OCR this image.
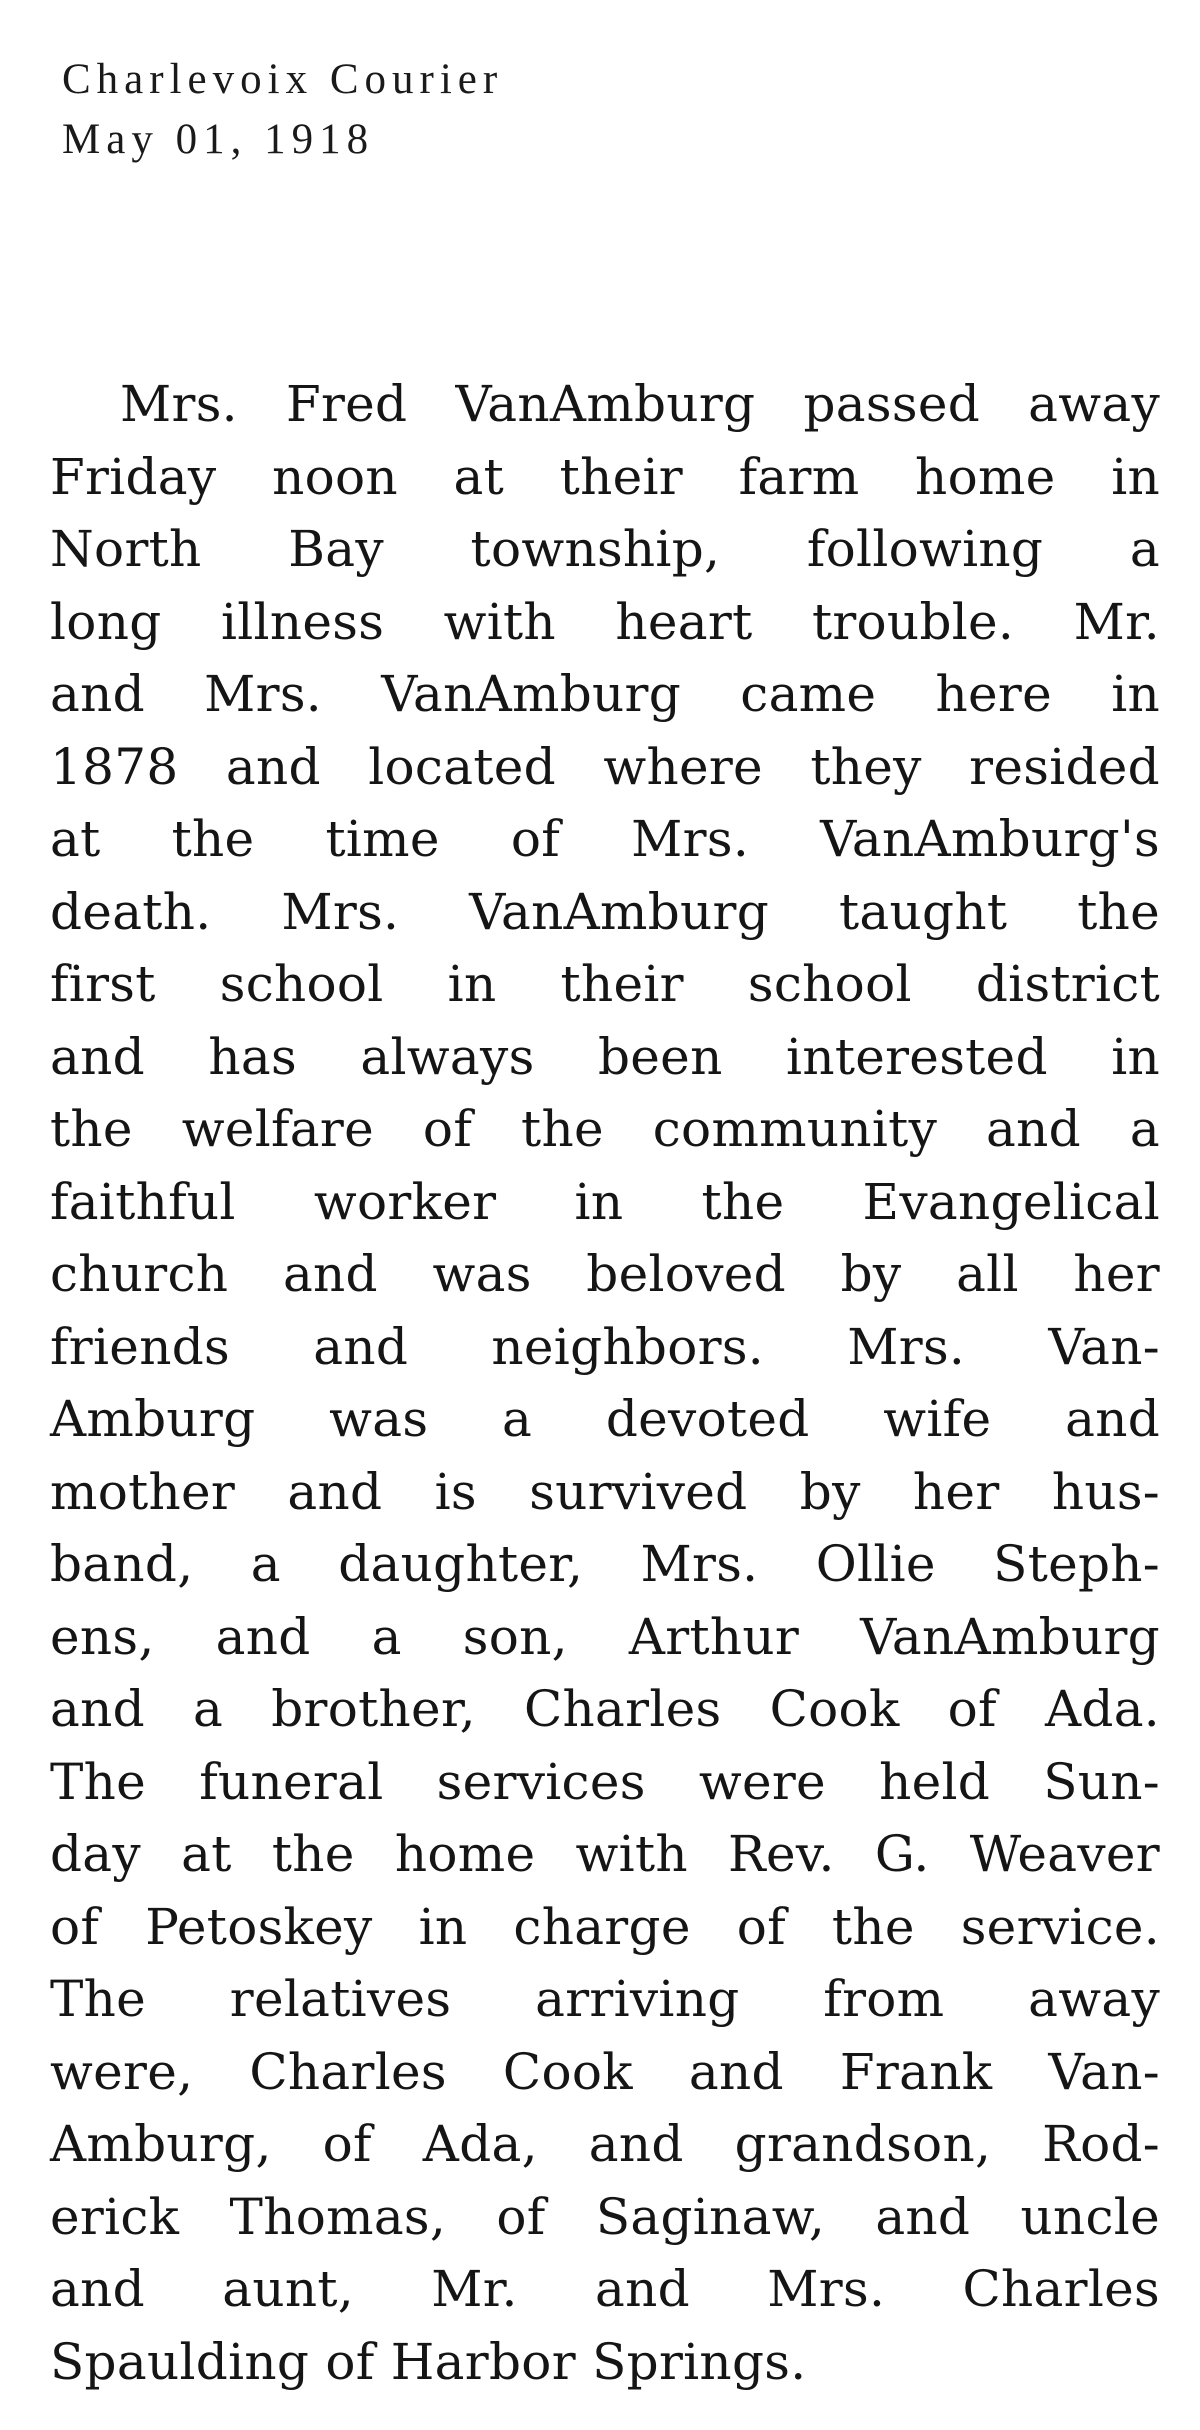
Charlevoix Courier
May 01, 1918
Mrs. Fred VanAmburg passed away
Friday noon at their farm home in
North Bay township, following a
long illness with heart trouble. Mr.
and Mrs. VanAmburg came here in
1878 and located where they resided
at the time of Mrs. VanAmburg's
death. Mrs. VanAmburg taught the
first school in their school district
and has always been interested in
the welfare of the community and a
faithful worker in the Evangelical
church and was beloved by all her
friends and neighbors. Mrs. Van-
Amburg was a devoted wife and
mother and is survived by her hus-
band, a daughter, Mrs. Ollie Steph-
ens, and a son, Arthur VanAmburg
and a brother, Charles Cook of Ada.
The funeral services were held Sun-
day at the home with Rev. G. Weaver
of Petoskey in charge of the service.
The relatives arriving from away
were, Charles Cook and Frank Van-
Amburg, of Ada, and grandson, Rod-
erick Thomas, of Saginaw, and uncle
and aunt, Mr. and Mrs. Charles
Spaulding of Harbor Springs.
